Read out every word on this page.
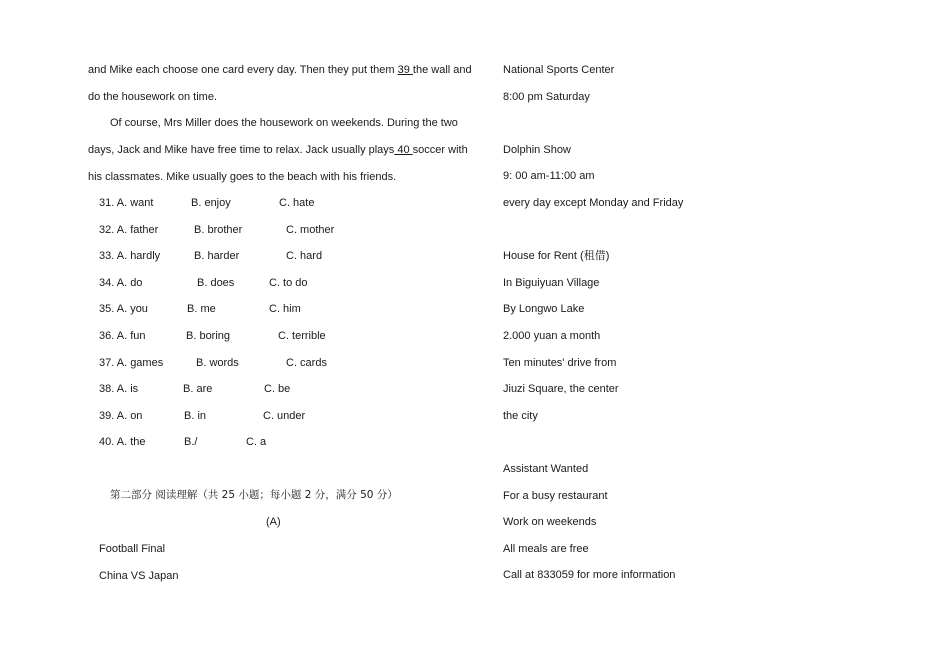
and Mike each choose one card every day. Then they put them 39 the wall and
do the housework on time.
Of course, Mrs Miller does the housework on weekends. During the two
days, Jack and Mike have free time to relax. Jack usually plays 40 soccer with
his classmates. Mike usually goes to the beach with his friends.
31. A. want	B. enjoy	C. hate
32. A. father	B. brother	C. mother
33. A. hardly	B. harder	C. hard
34. A. do	B. does	C. to do
35. A. you	B. me	C. him
36. A. fun	B. boring	C. terrible
37. A. games	B. words	C. cards
38. A. is	B. are	C. be
39. A. on	B. in	C. under
40. A. the	B./	C. a
第二部分 阅读理解（共 25 小题；每小题 2 分，满分 50 分）
(A)
Football Final
China VS Japan
National Sports Center
8:00 pm Saturday
Dolphin Show
9: 00 am-11:00 am
every day except Monday and Friday
House for Rent (租借)
In Biguiyuan Village
By Longwo Lake
2.000 yuan a month
Ten minutes' drive from
Jiuzi Square, the center
the city
Assistant Wanted
For a busy restaurant
Work on weekends
All meals are free
Call at 833059 for more information
